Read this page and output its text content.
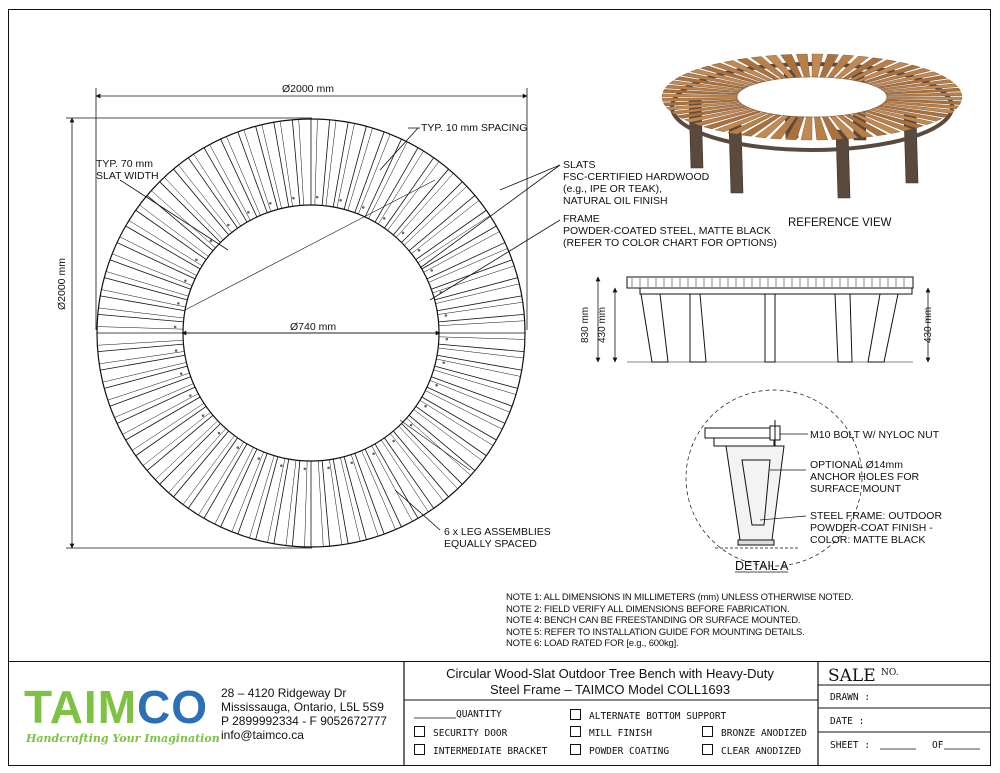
Ø2000 mm
Ø2000 mm
Ø740 mm
TYP. 10 mm SPACING
TYP. 70 mm
SLAT WIDTH
SLATS
FSC-CERTIFIED HARDWOOD
(e.g., IPE OR TEAK),
NATURAL OIL FINISH
FRAME
POWDER-COATED STEEL, MATTE BLACK
(REFER TO COLOR CHART FOR OPTIONS)
6 x LEG ASSEMBLIES
EQUALLY SPACED
REFERENCE VIEW
830 mm 430 mm	430 mm
M10 BOLT W/ NYLOC NUT
OPTIONAL Ø14mm
ANCHOR HOLES FOR
SURFACE MOUNT
STEEL FRAME: OUTDOOR
POWDER-COAT FINISH -
COLOR: MATTE BLACK
DETAIL A
NOTE 1: ALL DIMENSIONS IN MILLIMETERS (mm) UNLESS OTHERWISE NOTED.
NOTE 2: FIELD VERIFY ALL DIMENSIONS BEFORE FABRICATION.
NOTE 4: BENCH CAN BE FREESTANDING OR SURFACE MOUNTED.
NOTE 5: REFER TO INSTALLATION GUIDE FOR MOUNTING DETAILS.
NOTE 6: LOAD RATED FOR [e.g., 600kg].
TAIMCO
Handcrafting Your Imagination
28 – 4120 Ridgeway Dr
Mississauga, Ontario, L5L 5S9
P 2899992334 - F 9052672777
info@taimco.ca
Circular Wood-Slat Outdoor Tree Bench with Heavy-Duty
Steel Frame – TAIMCO Model COLL1693
QUANTITY
SECURITY DOOR
INTERMEDIATE BRACKET
ALTERNATE BOTTOM SUPPORT
MILL FINISH
POWDER COATING
BRONZE ANODIZED
CLEAR ANODIZED
SALE $^{NO.}$
DRAWN :
DATE :
SHEET :	OF
